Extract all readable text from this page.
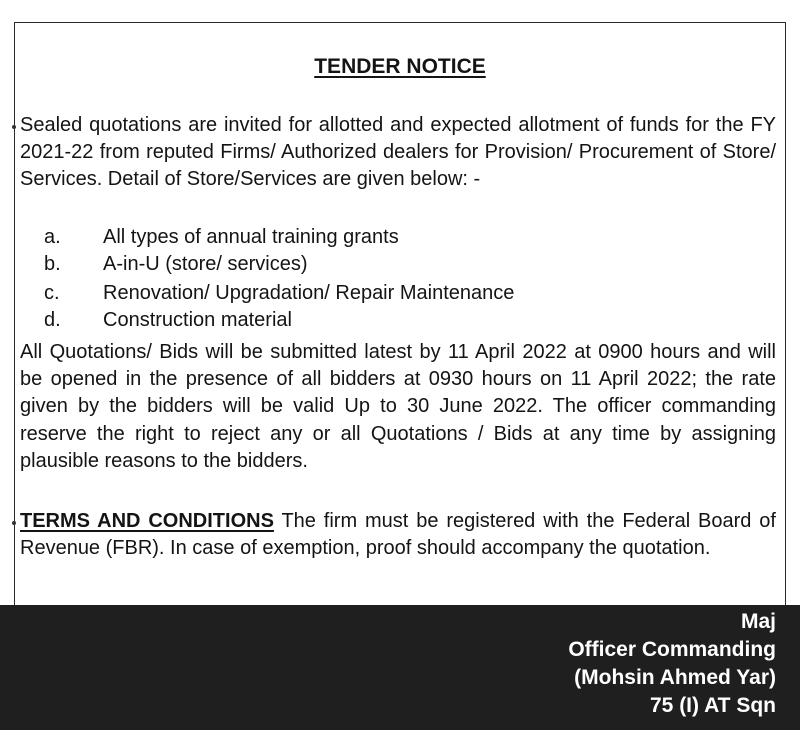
TENDER NOTICE
Sealed quotations are invited for allotted and expected allotment of funds for the FY 2021-22 from reputed Firms/ Authorized dealers for Provision/ Procurement of Store/ Services. Detail of Store/Services are given below: -
a. All types of annual training grants
b. A-in-U (store/ services)
c. Renovation/ Upgradation/ Repair Maintenance
d. Construction material
All Quotations/ Bids will be submitted latest by 11 April 2022 at 0900 hours and will be opened in the presence of all bidders at 0930 hours on 11 April 2022; the rate given by the bidders will be valid Up to 30 June 2022. The officer commanding reserve the right to reject any or all Quotations / Bids at any time by assigning plausible reasons to the bidders.
TERMS AND CONDITIONS The firm must be registered with the Federal Board of Revenue (FBR). In case of exemption, proof should accompany the quotation.
Maj
Officer Commanding
(Mohsin Ahmed Yar)
75 (I) AT Sqn
